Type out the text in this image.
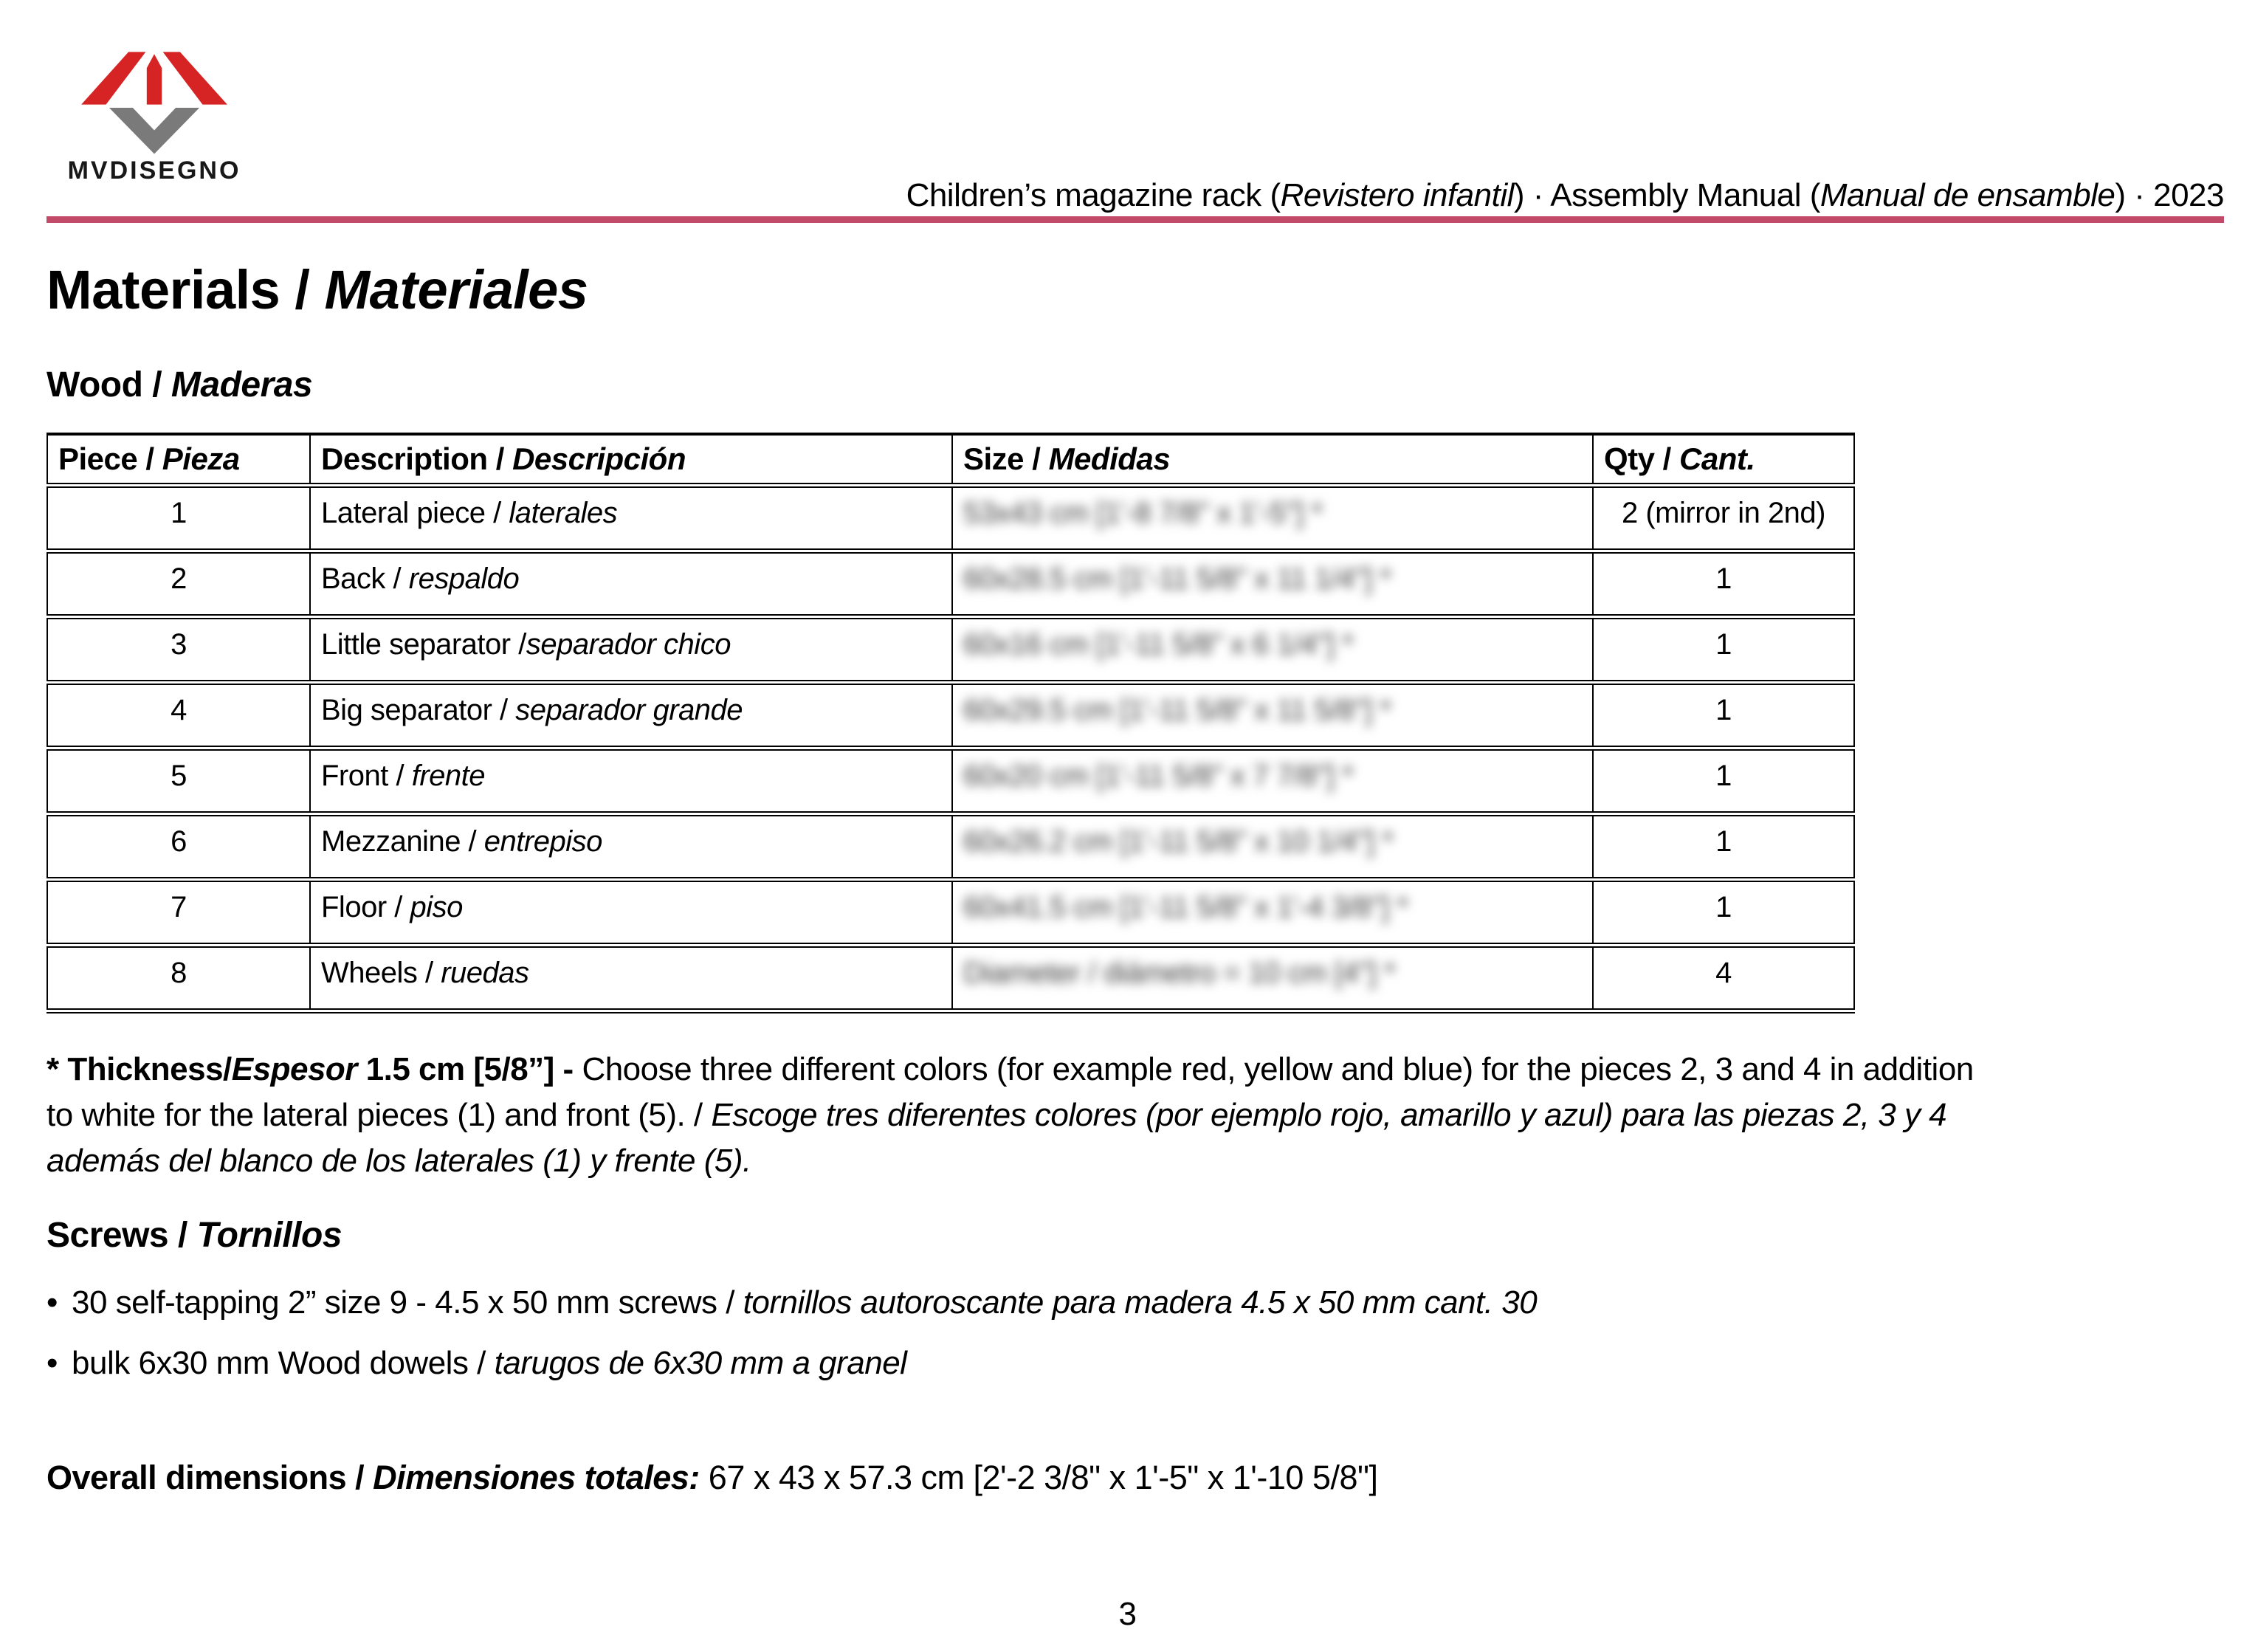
MVDISEGNO
Children’s magazine rack (Revistero infantil) · Assembly Manual (Manual de ensamble) · 2023
Materials / Materiales
Wood / Maderas
Piece / Pieza	Description / Descripción	Size / Medidas	Qty / Cant.
1	Lateral piece / laterales	53x43 cm [1'-8 7/8" x 1'-5"] *	2 (mirror in 2nd)
2	Back / respaldo	60x28.5 cm [1'-11 5/8" x 11 1/4"] *	1
3	Little separator /separador chico	60x16 cm [1'-11 5/8" x 6 1/4"] *	1
4	Big separator / separador grande	60x29.5 cm [1'-11 5/8" x 11 5/8"] *	1
5	Front / frente	60x20 cm [1'-11 5/8" x 7 7/8"] *	1
6	Mezzanine / entrepiso	60x26.2 cm [1'-11 5/8" x 10 1/4"] *	1
7	Floor / piso	60x41.5 cm [1'-11 5/8" x 1'-4 3/8"] *	1
8	Wheels / ruedas	Diameter / diámetro = 10 cm [4"] *	4
* Thickness/Espesor 1.5 cm [5/8”] - Choose three different colors (for example red, yellow and blue) for the pieces 2, 3 and 4 in addition
to white for the lateral pieces (1) and front (5). / Escoge tres diferentes colores (por ejemplo rojo, amarillo y azul) para las piezas 2, 3 y 4
además del blanco de los laterales (1) y frente (5).
Screws / Tornillos
• 30 self-tapping 2” size 9 - 4.5 x 50 mm screws / tornillos autoroscante para madera 4.5 x 50 mm cant. 30
• bulk 6x30 mm Wood dowels / tarugos de 6x30 mm a granel
Overall dimensions / Dimensiones totales: 67 x 43 x 57.3 cm [2'-2 3/8" x 1'-5" x 1'-10 5/8"]
3
